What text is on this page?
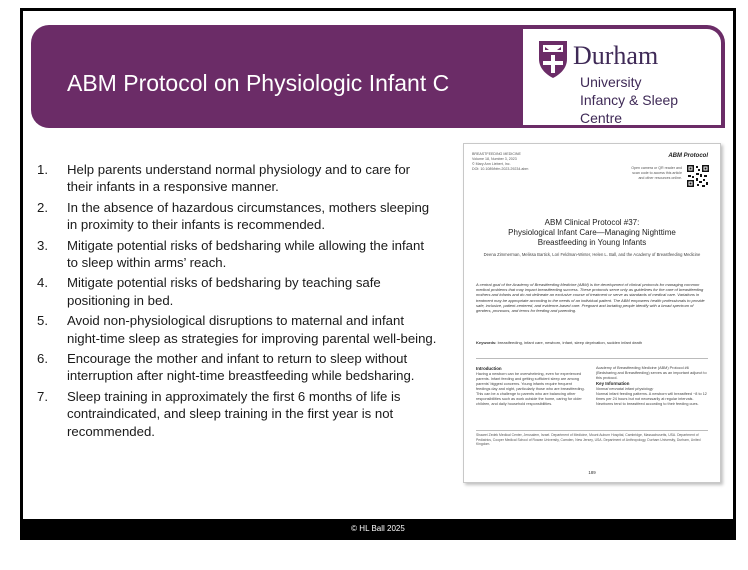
ABM Protocol on Physiologic Infant C
Durham
University
Infancy & Sleep Centre
1. Help parents understand normal physiology and to care for their infants in a responsive manner.
2. In the absence of hazardous circumstances, mothers sleeping in proximity to their infants is recommended.
3. Mitigate potential risks of bedsharing while allowing the infant to sleep within arms’ reach.
4. Mitigate potential risks of bedsharing by teaching safe positioning in bed.
5. Avoid non-physiological disruptions to maternal and infant night-time sleep as strategies for improving parental well-being.
6. Encourage the mother and infant to return to sleep without interruption after night-time breastfeeding while bedsharing.
7. Sleep training in approximately the first 6 months of life is contraindicated, and sleep training in the first year is not recommended.
BREASTFEEDING MEDICINE
Volume 18, Number 3, 2023
© Mary Ann Liebert, Inc.
DOI: 10.1089/bfm.2023.29234.abm
ABM Protocol
Open camera or QR reader and scan code to access this article and other resources online.
ABM Clinical Protocol #37:
Physiological Infant Care—Managing Nighttime
Breastfeeding in Young Infants
Deena Zimmerman, Melissa Bartick, Lori Feldman-Winter, Helen L. Ball, and the Academy of Breastfeeding Medicine
A central goal of the Academy of Breastfeeding Medicine (ABM) is the development of clinical protocols for managing common medical problems that may impact breastfeeding success. These protocols serve only as guidelines for the care of breastfeeding mothers and infants and do not delineate an exclusive course of treatment or serve as standards of medical care. Variations in treatment may be appropriate according to the needs of an individual patient. The ABM empowers health professionals to provide safe, inclusive, patient-centered, and evidence-based care. Pregnant and lactating people identify with a broad spectrum of genders, pronouns, and terms for feeding and parenting.
Keywords: breastfeeding, infant care, newborn, infant, sleep deprivation, sudden infant death
Introduction
Having a newborn can be overwhelming, even for experienced parents. Infant feeding and getting sufficient sleep are among parents' biggest concerns. Young infants require frequent feedings day and night, particularly those who are breastfeeding. This can be a challenge to parents who are balancing other responsibilities such as work outside the home, caring for older children, and daily household responsibilities.
Academy of Breastfeeding Medicine (ABM) Protocol #6 (Bedsharing and Breastfeeding) serves as an important adjunct to this protocol.
Key Information
Normal neonatal infant physiology
Normal infant feeding patterns. A newborn will breastfeed ~8 to 12 times per 24 hours but not necessarily at regular intervals. Newborns tend to breastfeed according to their feeding cues.
Shaarei Zedek Medical Center, Jerusalem, Israel. Department of Medicine, Mount Auburn Hospital, Cambridge, Massachusetts, USA. Department of Pediatrics, Cooper Medical School of Rowan University, Camden, New Jersey, USA. Department of Anthropology, Durham University, Durham, United Kingdom.
189
© HL Ball 2025
